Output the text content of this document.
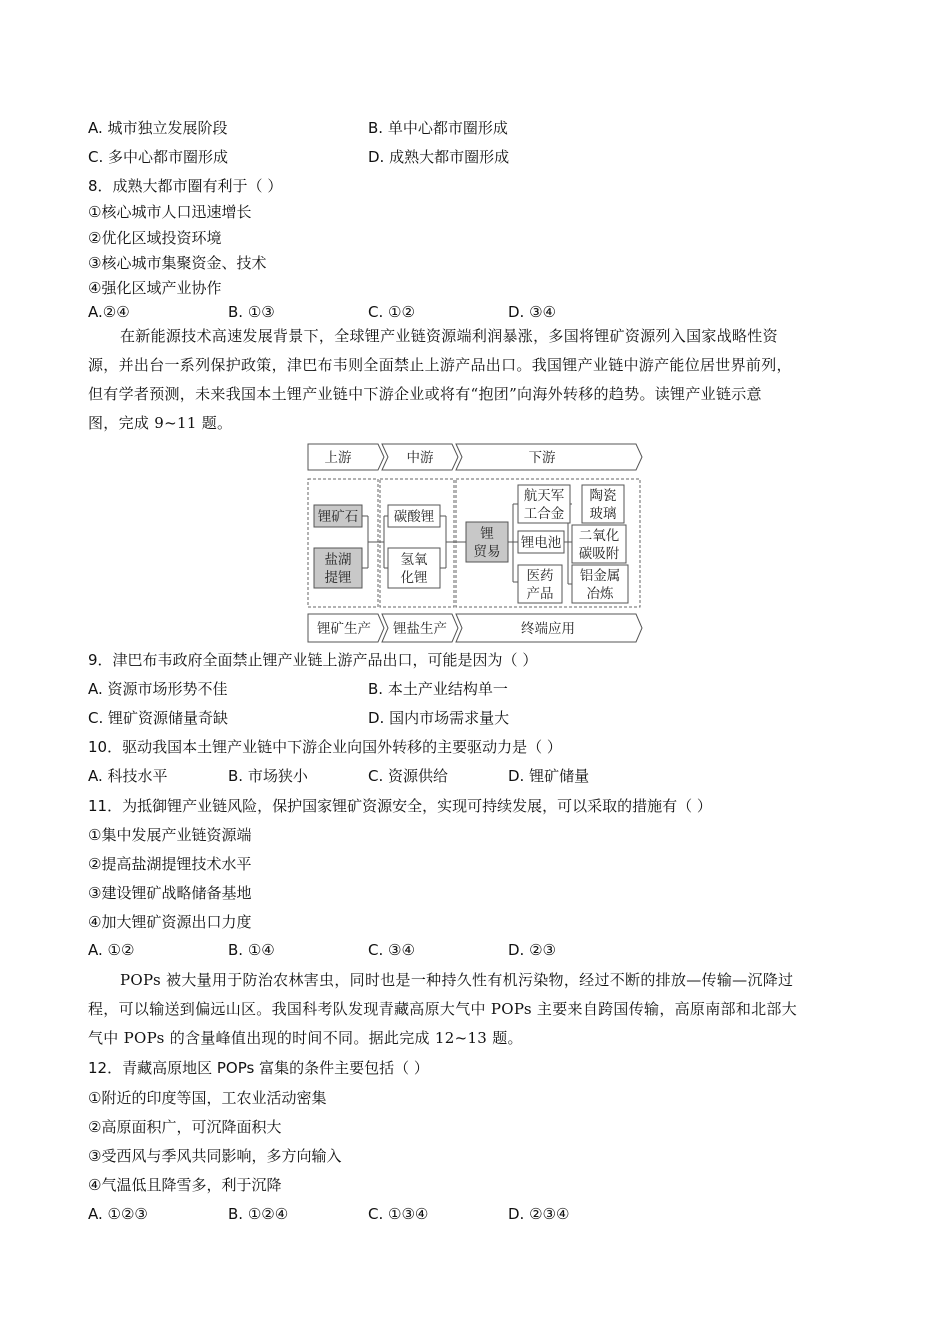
A. 城市独立发展阶段	B. 单中心都市圈形成
C. 多中心都市圈形成	D. 成熟大都市圈形成
8．成熟大都市圈有利于（ ）
①核心城市人口迅速增长
②优化区域投资环境
③核心城市集聚资金、技术
④强化区域产业协作
A.②④	B. ①③	C. ①②	D. ③④
在新能源技术高速发展背景下，全球锂产业链资源端利润暴涨，多国将锂矿资源列入国家战略性资
源，并出台一系列保护政策，津巴布韦则全面禁止上游产品出口。我国锂产业链中游产能位居世界前列，
但有学者预测，未来我国本土锂产业链中下游企业或将有“抱团”向海外转移的趋势。读锂产业链示意
图，完成 9~11 题。
上游	中游	下游
锂矿石
盐湖
提锂
碳酸锂
氢氧
化锂
锂
贸易
锂电池
航天军
工合金
陶瓷
玻璃
二氧化
碳吸附
医药
产品
铝金属
冶炼
锂矿生产 锂盐生产	终端应用
9．津巴布韦政府全面禁止锂产业链上游产品出口，可能是因为（ ）
A. 资源市场形势不佳	B. 本土产业结构单一
C. 锂矿资源储量奇缺	D. 国内市场需求量大
10．驱动我国本土锂产业链中下游企业向国外转移的主要驱动力是（ ）
A. 科技水平	B. 市场狭小	C. 资源供给	D. 锂矿储量
11．为抵御锂产业链风险，保护国家锂矿资源安全，实现可持续发展，可以采取的措施有（ ）
①集中发展产业链资源端
②提高盐湖提锂技术水平
③建设锂矿战略储备基地
④加大锂矿资源出口力度
A. ①②	B. ①④	C. ③④	D. ②③
POPs 被大量用于防治农林害虫，同时也是一种持久性有机污染物，经过不断的排放—传输—沉降过
程，可以输送到偏远山区。我国科考队发现青藏高原大气中 POPs 主要来自跨国传输，高原南部和北部大
气中 POPs 的含量峰值出现的时间不同。据此完成 12~13 题。
12．青藏高原地区 POPs 富集的条件主要包括（ ）
①附近的印度等国，工农业活动密集
②高原面积广，可沉降面积大
③受西风与季风共同影响，多方向输入
④气温低且降雪多，利于沉降
A. ①②③	B. ①②④	C. ①③④	D. ②③④
